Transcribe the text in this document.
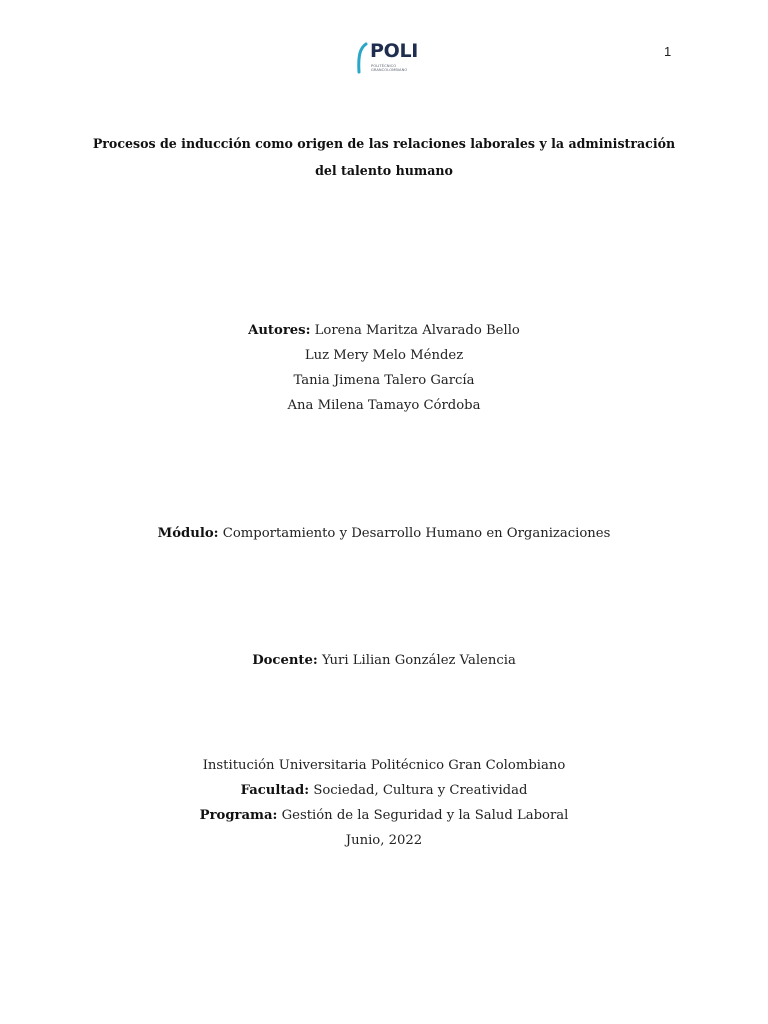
1
POLI
POLITÉCNICO
GRANCOLOMBIANO
Procesos de inducción como origen de las relaciones laborales y la administración del talento humano
Autores: Lorena Maritza Alvarado Bello
Luz Mery Melo Méndez
Tania Jimena Talero García
Ana Milena Tamayo Córdoba
Módulo: Comportamiento y Desarrollo Humano en Organizaciones
Docente: Yuri Lilian González Valencia
Institución Universitaria Politécnico Gran Colombiano
Facultad: Sociedad, Cultura y Creatividad
Programa: Gestión de la Seguridad y la Salud Laboral
Junio, 2022
